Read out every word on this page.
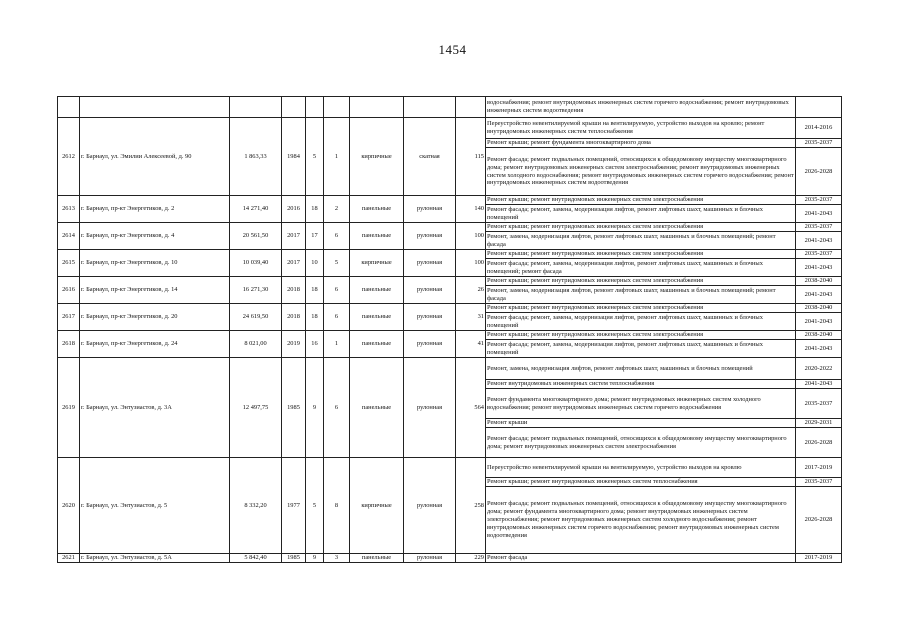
1454
									водоснабжения; ремонт внутридомовых инженерных систем горячего водоснабжения; ремонт внутридомовых инженерных систем водоотведения	
2612	г. Барнаул, ул. Эмилии Алексеевой, д. 90	1 863,33	1984	5	1	кирпичные	скатная	115	Переустройство невентилируемой крыши на вентилируемую, устройство выходов на кровлю; ремонт внутридомовых инженерных систем теплоснабжения	2014-2016
									Ремонт крыши; ремонт фундамента многоквартирного дома	2035-2037
									Ремонт фасада; ремонт подвальных помещений, относящихся к общедомовому имуществу многоквартирного дома; ремонт внутридомовых инженерных систем электроснабжения; ремонт внутридомовых инженерных систем холодного водоснабжения; ремонт внутридомовых инженерных систем горячего водоснабжения; ремонт внутридомовых инженерных систем водоотведения	2026-2028
2613	г. Барнаул, пр-кт Энергетиков, д. 2	14 271,40	2016	18	2	панельные	рулонная	140	Ремонт крыши; ремонт внутридомовых инженерных систем электроснабжения	2035-2037
									Ремонт фасада; ремонт, замена, модернизация лифтов, ремонт лифтовых шахт, машинных и блочных помещений	2041-2043
2614	г. Барнаул, пр-кт Энергетиков, д. 4	20 561,50	2017	17	6	панельные	рулонная	100	Ремонт крыши; ремонт внутридомовых инженерных систем электроснабжения	2035-2037
									Ремонт, замена, модернизация лифтов, ремонт лифтовых шахт, машинных и блочных помещений; ремонт фасада	2041-2043
2615	г. Барнаул, пр-кт Энергетиков, д. 10	10 039,40	2017	10	5	кирпичные	рулонная	100	Ремонт крыши; ремонт внутридомовых инженерных систем электроснабжения	2035-2037
									Ремонт фасада; ремонт, замена, модернизация лифтов, ремонт лифтовых шахт, машинных и блочных помещений; ремонт фасада	2041-2043
2616	г. Барнаул, пр-кт Энергетиков, д. 14	16 271,30	2018	18	6	панельные	рулонная	26	Ремонт крыши; ремонт внутридомовых инженерных систем электроснабжения	2038-2040
									Ремонт, замена, модернизация лифтов, ремонт лифтовых шахт, машинных и блочных помещений; ремонт фасада	2041-2043
2617	г. Барнаул, пр-кт Энергетиков, д. 20	24 619,50	2018	18	6	панельные	рулонная	31	Ремонт крыши; ремонт внутридомовых инженерных систем электроснабжения	2038-2040
									Ремонт фасада; ремонт, замена, модернизация лифтов, ремонт лифтовых шахт, машинных и блочных помещений	2041-2043
2618	г. Барнаул, пр-кт Энергетиков, д. 24	8 021,00	2019	16	1	панельные	рулонная	41	Ремонт крыши; ремонт внутридомовых инженерных систем электроснабжения	2038-2040
									Ремонт фасада; ремонт, замена, модернизация лифтов, ремонт лифтовых шахт, машинных и блочных помещений	2041-2043
2619	г. Барнаул, ул. Энтузиастов, д. 3А	12 497,75	1985	9	6	панельные	рулонная	564	Ремонт, замена, модернизация лифтов, ремонт лифтовых шахт, машинных и блочных помещений	2020-2022
									Ремонт внутридомовых инженерных систем теплоснабжения	2041-2043
									Ремонт фундамента многоквартирного дома; ремонт внутридомовых инженерных систем холодного водоснабжения; ремонт внутридомовых инженерных систем горячего водоснабжения	2035-2037
									Ремонт крыши	2029-2031
									Ремонт фасада; ремонт подвальных помещений, относящихся к общедомовому имуществу многоквартирного дома; ремонт внутридомовых инженерных систем электроснабжения	2026-2028
2620	г. Барнаул, ул. Энтузиастов, д. 5	8 332,20	1977	5	8	кирпичные	рулонная	258	Переустройство невентилируемой крыши на вентилируемую, устройство выходов на кровлю	2017-2019
									Ремонт крыши; ремонт внутридомовых инженерных систем теплоснабжения	2035-2037
									Ремонт фасада; ремонт подвальных помещений, относящихся к общедомовому имуществу многоквартирного дома; ремонт фундамента многоквартирного дома; ремонт внутридомовых инженерных систем электроснабжения; ремонт внутридомовых инженерных систем холодного водоснабжения; ремонт внутридомовых инженерных систем горячего водоснабжения; ремонт внутридомовых инженерных систем водоотведения	2026-2028
2621	г. Барнаул, ул. Энтузиастов, д. 5А	5 842,40	1985	9	3	панельные	рулонная	229	Ремонт фасада	2017-2019
